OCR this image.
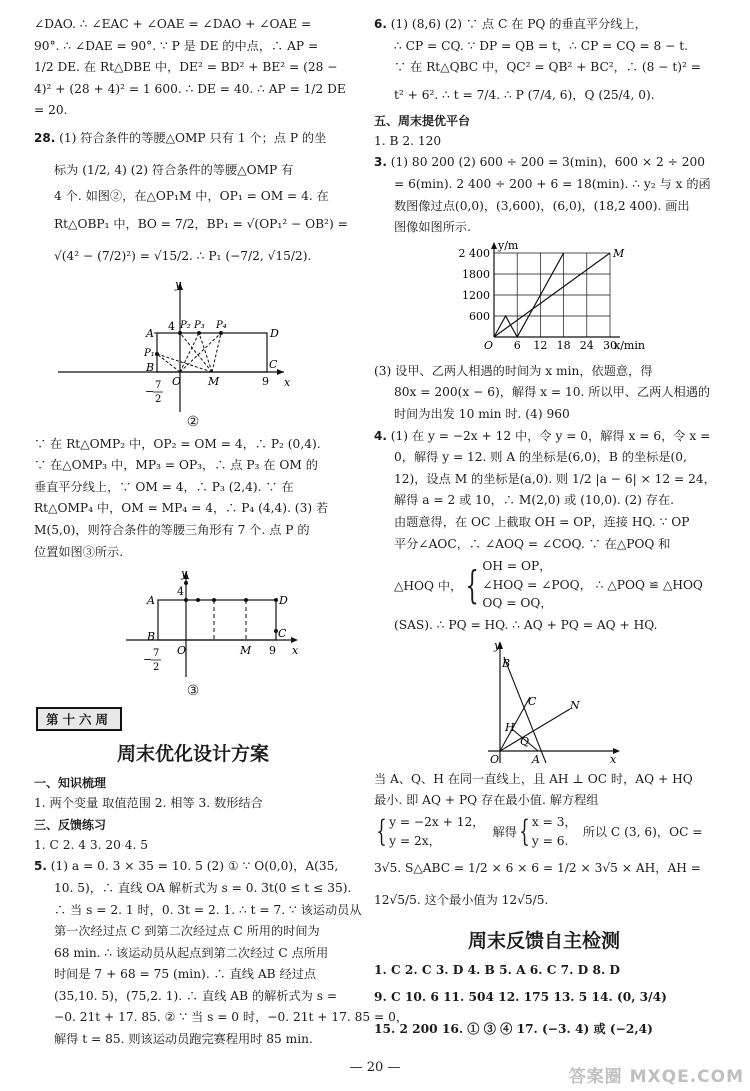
∠DAO. ∴ ∠EAC + ∠OAE = ∠DAO + ∠OAE =
90°. ∴ ∠DAE = 90°. ∵ P 是 DE 的中点，∴ AP =
1/2 DE. 在 Rt△DBE 中，DE² = BD² + BE² = (28 −
4)² + (28 + 4)² = 1 600. ∴ DE = 40. ∴ AP = 1/2 DE
= 20.
28. (1) 符合条件的等腰△OMP 只有 1 个；点 P 的坐
标为 (1/2, 4) (2) 符合条件的等腰△OMP 有
4 个. 如图②，在△OP₁M 中，OP₁ = OM = 4. 在
Rt△OBP₁ 中，BO = 7/2，BP₁ = √(OP₁² − OB²) =
√(4² − (7/2)²) = √15/2. ∴ P₁ (−7/2, √15/2).
y
x
A	D
B	C
O M
P₁
P₂ P₃ P₄
4
9
− 7
2
②
∵ 在 Rt△OMP₂ 中，OP₂ = OM = 4，∴ P₂ (0,4).
∵ 在△OMP₃ 中，MP₃ = OP₃，∴ 点 P₃ 在 OM 的
垂直平分线上，∵ OM = 4，∴ P₃ (2,4). ∵ 在
Rt△OMP₄ 中，OM = MP₄ = 4，∴ P₄ (4,4). (3) 若
M(5,0)，则符合条件的等腰三角形有 7 个. 点 P 的
位置如图③所示.
y
x
A	D
B	C
O	M
4
9
− 7
2
③
第十六周
周末优化设计方案
一、知识梳理
1. 两个变量 取值范围 2. 相等 3. 数形结合
三、反馈练习
1. C 2. 4 3. 20 4. 5
5. (1) a = 0. 3 × 35 = 10. 5 (2) ① ∵ O(0,0)，A(35,
10. 5)，∴ 直线 OA 解析式为 s = 0. 3t(0 ≤ t ≤ 35).
∴ 当 s = 2. 1 时，0. 3t = 2. 1. ∴ t = 7. ∵ 该运动员从
第一次经过点 C 到第二次经过点 C 所用的时间为
68 min. ∴ 该运动员从起点到第二次经过 C 点所用
时间是 7 + 68 = 75 (min). ∴ 直线 AB 经过点
(35,10. 5)，(75,2. 1). ∴ 直线 AB 的解析式为 s =
−0. 21t + 17. 85. ② ∵ 当 s = 0 时，−0. 21t + 17. 85 = 0，
解得 t = 85. 则该运动员跑完赛程用时 85 min.
6. (1) (8,6) (2) ∵ 点 C 在 PQ 的垂直平分线上，
∴ CP = CQ. ∵ DP = QB = t，∴ CP = CQ = 8 − t.
∵ 在 Rt△QBC 中，QC² = QB² + BC²，∴ (8 − t)² =
t² + 6². ∴ t = 7/4. ∴ P (7/4, 6)，Q (25/4, 0).
五、周末提优平台
1. B 2. 120
3. (1) 80 200 (2) 600 ÷ 200 = 3(min)，600 × 2 ÷ 200
= 6(min). 2 400 ÷ 200 + 6 = 18(min). ∴ y₂ 与 x 的函
数图像过点(0,0)，(3,600)，(6,0)，(18,2 400). 画出
图像如图所示.
600
1200
1800
2 400
6 12 18 24 30
y/m
x/min
O
M
(3) 设甲、乙两人相遇的时间为 x min，依题意，得
80x = 200(x − 6)，解得 x = 10. 所以甲、乙两人相遇的
时间为出发 10 min 时. (4) 960
4. (1) 在 y = −2x + 12 中，令 y = 0，解得 x = 6，令 x =
0，解得 y = 12. 则 A 的坐标是(6,0)，B 的坐标是(0,
12)，设点 M 的坐标是(a,0). 则 1/2 |a − 6| × 12 = 24，
解得 a = 2 或 10，∴ M(2,0) 或 (10,0). (2) 存在.
由题意得，在 OC 上截取 OH = OP，连接 HQ. ∵ OP
平分∠AOC，∴ ∠AOQ = ∠COQ. ∵ 在△POQ 和
△HOQ 中， { OH = OP，
∠HOQ = ∠POQ，
OQ = OQ，
∴ △POQ ≌ △HOQ
(SAS). ∴ PQ = HQ. ∴ AQ + PQ = AQ + HQ.
B
C	N
H
Q
O	A
y
x
当 A、Q、H 在同一直线上，且 AH ⊥ OC 时，AQ + HQ
最小. 即 AQ + PQ 存在最小值. 解方程组
{ y = −2x + 12，
y = 2x，
解得 { x = 3，
y = 6.
所以 C (3, 6)，OC =
3√5. S△ABC = 1/2 × 6 × 6 = 1/2 × 3√5 × AH，AH =
12√5/5. 这个最小值为 12√5/5.
周末反馈自主检测
1. C 2. C 3. D 4. B 5. A 6. C 7. D 8. D
9. C 10. 6 11. 504 12. 175 13. 5 14. (0, 3/4)
15. 2 200 16. ① ③ ④ 17. (−3. 4) 或 (−2,4)
— 20 —	答案圈 MXQE.COM
